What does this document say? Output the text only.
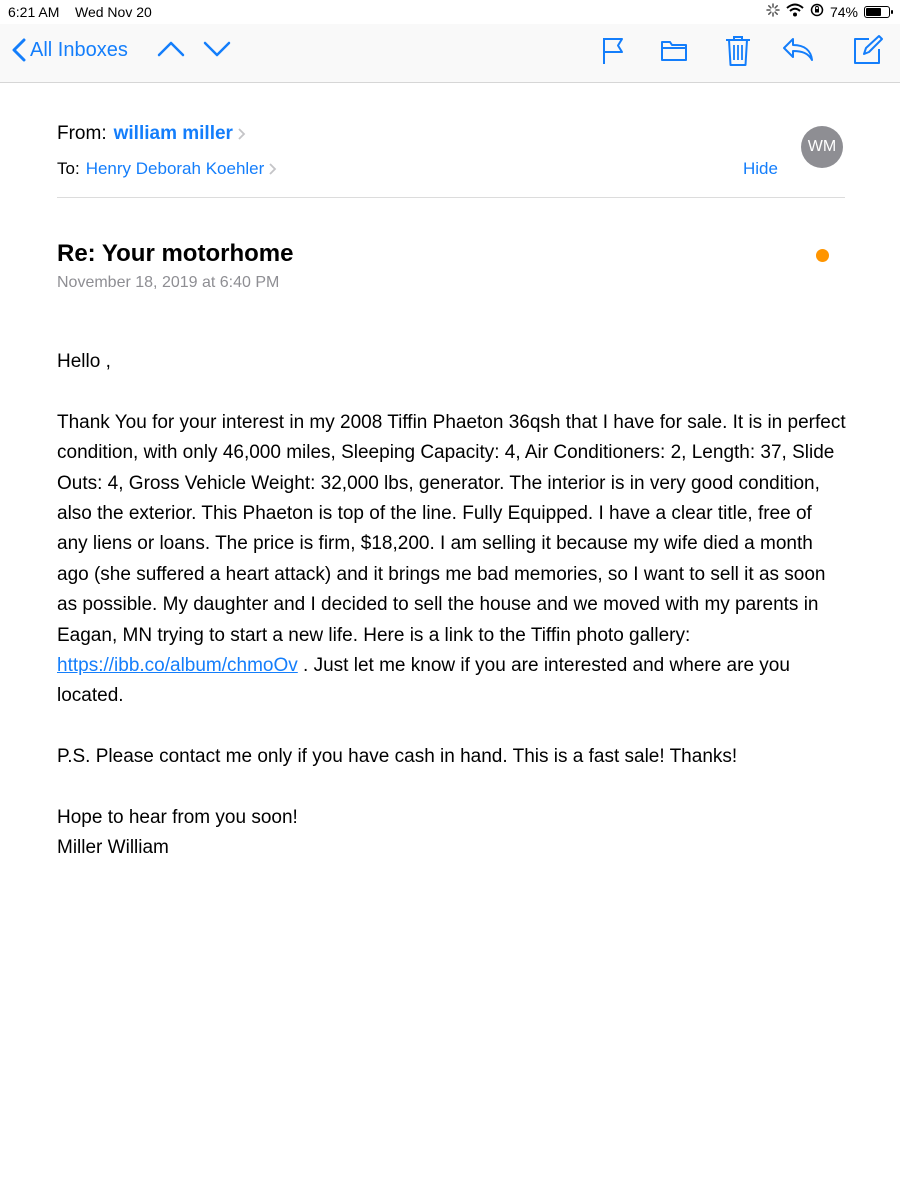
6:21 AM Wed Nov 20	74%
All Inboxes
From: william miller
To: Henry Deborah Koehler
WM
Hide
Re: Your motorhome
November 18, 2019 at 6:40 PM

Hello ,

Thank You for your interest in my 2008 Tiffin Phaeton 36qsh that I have for sale. It is in perfect condition, with only 46,000 miles, Sleeping Capacity: 4, Air Conditioners: 2, Length: 37, Slide Outs: 4, Gross Vehicle Weight: 32,000 lbs, generator. The interior is in very good condition, also the exterior. This Phaeton is top of the line. Fully Equipped. I have a clear title, free of any liens or loans. The price is firm, $18,200. I am selling it because my wife died a month ago (she suffered a heart attack) and it brings me bad memories, so I want to sell it as soon as possible. My daughter and I decided to sell the house and we moved with my parents in Eagan, MN trying to start a new life. Here is a link to the Tiffin photo gallery: https://ibb.co/album/chmoOv . Just let me know if you are interested and where are you located.

P.S. Please contact me only if you have cash in hand. This is a fast sale! Thanks!

Hope to hear from you soon!

Miller William
